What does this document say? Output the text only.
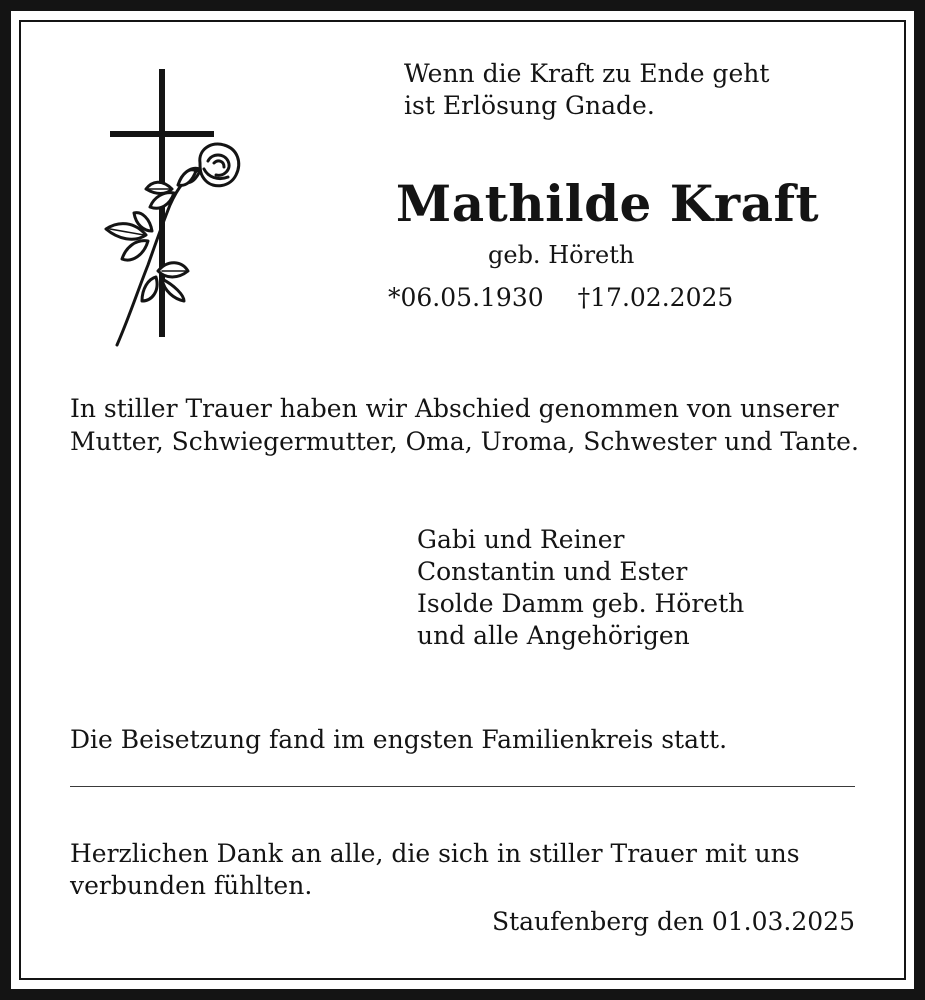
Wenn die Kraft zu Ende geht
ist Erlösung Gnade.
Mathilde Kraft
geb. Höreth
*06.05.1930 †17.02.2025
In stiller Trauer haben wir Abschied genommen von unserer Mutter, Schwiegermutter, Oma, Uroma, Schwester und Tante.
Gabi und Reiner
Constantin und Ester
Isolde Damm geb. Höreth
und alle Angehörigen
Die Beisetzung fand im engsten Familienkreis statt.
Herzlichen Dank an alle, die sich in stiller Trauer mit uns
verbunden fühlten.
Staufenberg den 01.03.2025
